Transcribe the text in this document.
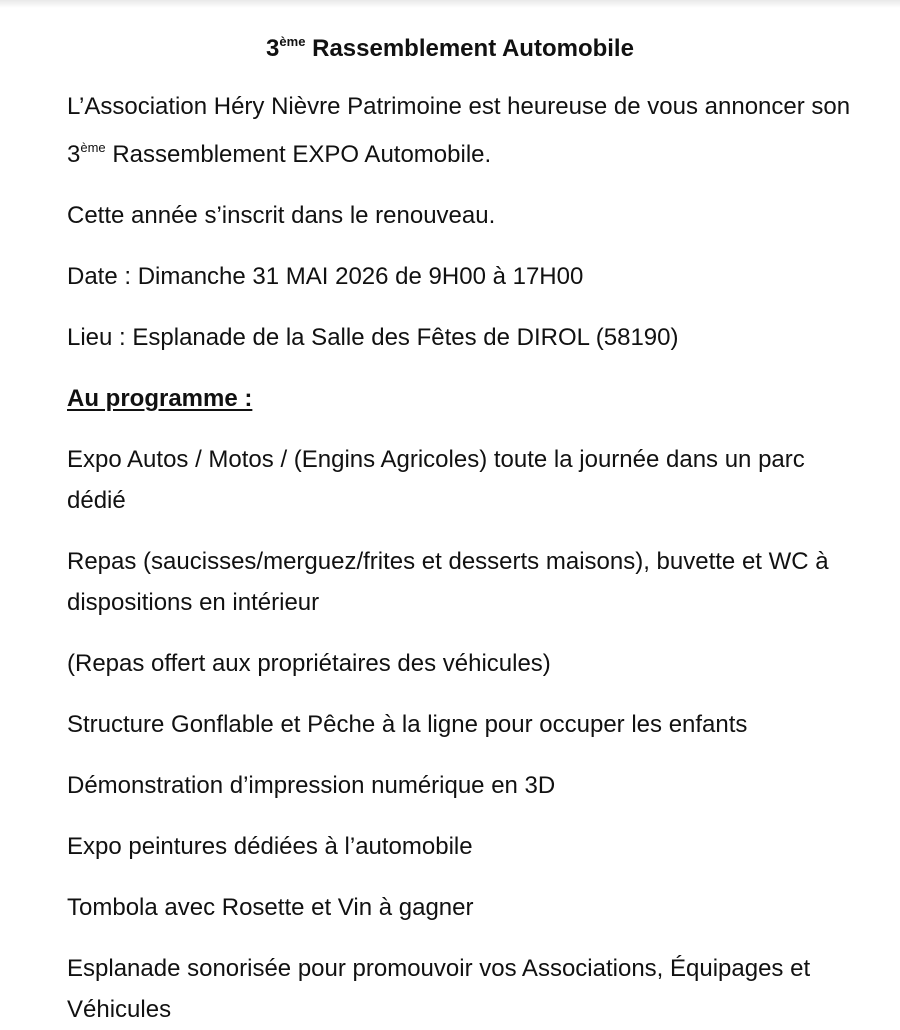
3ème Rassemblement Automobile

L’Association Héry Nièvre Patrimoine est heureuse de vous annoncer son 3ème Rassemblement EXPO Automobile.

Cette année s’inscrit dans le renouveau.

Date : Dimanche 31 MAI 2026 de 9H00 à 17H00

Lieu : Esplanade de la Salle des Fêtes de DIROL (58190)

Au programme :

Expo Autos / Motos / (Engins Agricoles) toute la journée dans un parc dédié

Repas (saucisses/merguez/frites et desserts maisons), buvette et WC à dispositions en intérieur

(Repas offert aux propriétaires des véhicules)

Structure Gonflable et Pêche à la ligne pour occuper les enfants

Démonstration d’impression numérique en 3D

Expo peintures dédiées à l’automobile

Tombola avec Rosette et Vin à gagner

Esplanade sonorisée pour promouvoir vos Associations, Équipages et Véhicules
